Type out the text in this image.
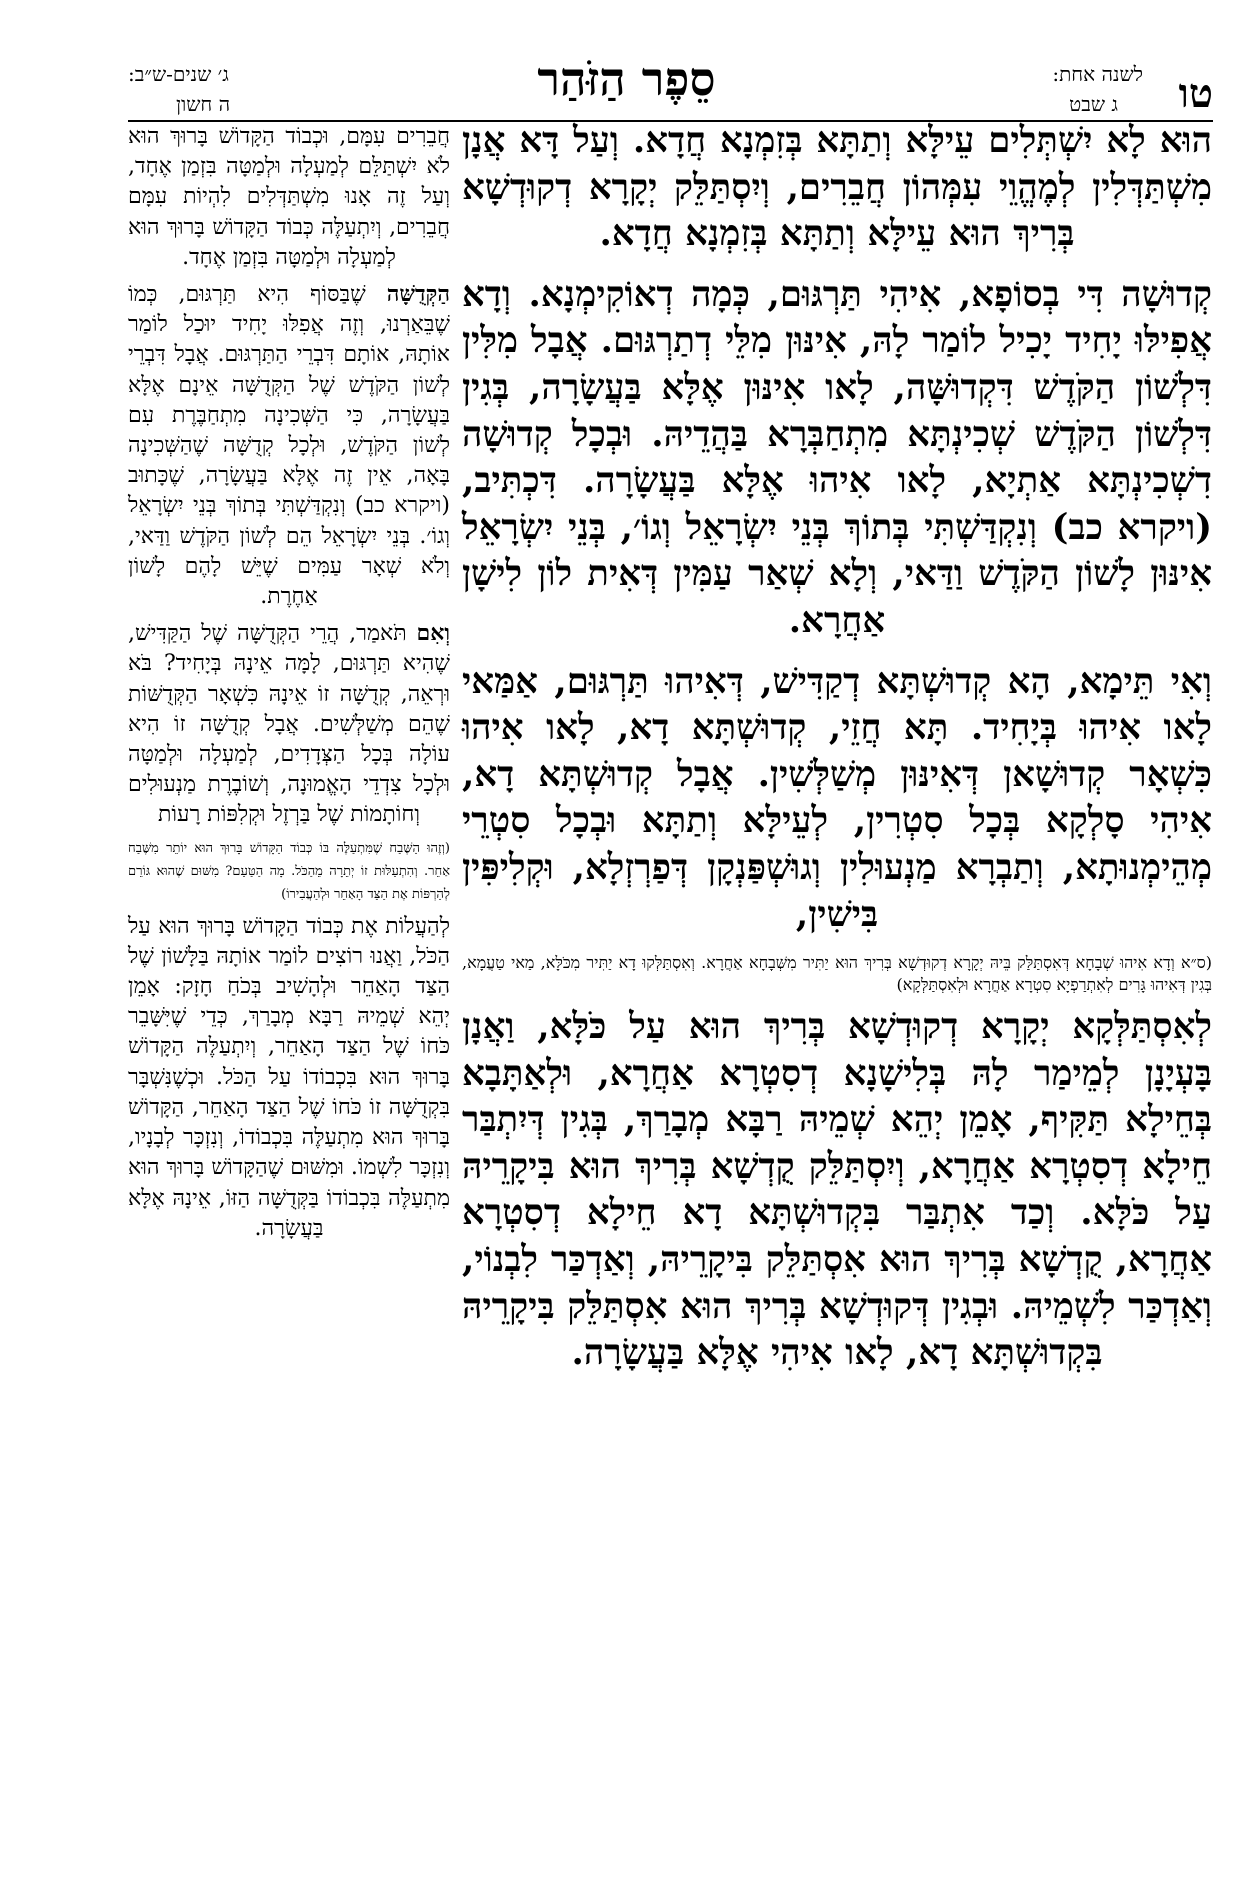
טו
לשנה אחת:
ג שבט
סֵפֶר הַזֹּהַר
ג׳ שנים-ש״ב:
ה חשון

הוּא לָא יִשְׁתְּלִים עֵילָּא וְתַתָּא בְּזִמְנָא חֲדָא. וְעַל דָּא אֲנָן מִשְׁתַּדְּלִין לְמֶהֱוֵי עִמְּהוֹן חֲבֵרִים, וְיִסְתַּלֵּק יְקָרָא דְקוּדְשָׁא בְּרִיךְ הוּא עֵילָּא וְתַתָּא בְּזִמְנָא חֲדָא.

קְדוּשָׁה דִּי בְסוֹפָא, אִיהִי תַּרְגּוּם, כְּמָה דְאוֹקִימְנָא. וְדָא אֲפִילּוּ יָחִיד יָכִיל לוֹמַר לָהּ, אִינּוּן מִלֵּי דְתַרְגּוּם. אֲבָל מִלִּין דִּלְשׁוֹן הַקֹּדֶשׁ דִּקְדוּשָּׁה, לָאו אִינּוּן אֶלָּא בַּעֲשָׂרָה, בְּגִין דִּלְשׁוֹן הַקֹּדֶשׁ שְׁכִינְתָּא מִתְחַבְּרָא בַּהֲדֵיהּ. וּבְכָל קְדוּשָׁה דִשְׁכִינְתָּא אַתְיָא, לָאו אִיהוּ אֶלָּא בַּעֲשָׂרָה. דִּכְתִּיב, (ויקרא כב) וְנִקְדַּשְׁתִּי בְּתוֹךְ בְּנֵי יִשְׂרָאֵל וְגוֹ׳, בְּנֵי יִשְׂרָאֵל אִינּוּן לָשׁוֹן הַקֹּדֶשׁ וַדַּאי, וְלָא שְׁאַר עַמִּין דְּאִית לוֹן לִישָׁן אַחֲרָא.

וְאִי תֵּימָא, הָא קְדוּשְׁתָּא דְקַדִּישׁ, דְּאִיהוּ תַּרְגּוּם, אַמַּאי לָאו אִיהוּ בְּיָחִיד. תָּא חֲזֵי, קְדוּשְׁתָּא דָא, לָאו אִיהוּ כִּשְׁאָר קְדוּשָׁאן דְּאִינּוּן מְשַׁלְּשִׁין. אֲבָל קְדוּשְׁתָּא דָא, אִיהִי סָלְקָא בְּכָל סִטְרִין, לְעֵילָּא וְתַתָּא וּבְכָל סִטְרֵי מְהֵימְנוּתָא, וְתַבְרָא מַנְעוּלִין וְגוּשְׁפַּנְקָן דְּפַרְזְלָא, וּקְלִיפִּין בִּישִׁין,

(ס״א וְדָא אִיהוּ שְׁבָחָא דְּאִסְתַּלַּק בֵּיהּ יְקָרָא דְקוּדְשָׁא בְּרִיךְ הוּא יַתִּיר מִשְּׁבָחָא אַחֲרָא. וְאִסְתַּלְּקוּ דָא יַתִּיר מִכֹּלָּא, מַאי טַעֲמָא, בְּגִין דְּאִיהוּ גָּרִים לְאִתְרַפְיָא סִטְרָא אַחֲרָא וּלְאִסְתַּלְּקָא)

לְאִסְתַּלְּקָא יְקָרָא דְקוּדְשָׁא בְּרִיךְ הוּא עַל כֹּלָּא, וַאֲנָן בָּעְיָנָן לְמֵימַר לָהּ בְּלִישָׁנָא דְסִטְרָא אַחֲרָא, וּלְאַתָּבָא בְּחֵילָא תַּקִּיף, אָמֵן יְהֵא שְׁמֵיהּ רַבָּא מְבָרַךְ, בְּגִין דְּיִתְבַּר חֵילָא דְסִטְרָא אַחֲרָא, וְיִסְתַּלֵּק קֻדְשָׁא בְּרִיךְ הוּא בִּיקָרֵיהּ עַל כֹּלָּא. וְכַד אִתְבַּר בִּקְדוּשְׁתָּא דָא חֵילָא דְסִטְרָא אַחֲרָא, קֻדְשָׁא בְּרִיךְ הוּא אִסְתַּלֵּק בִּיקָרֵיהּ, וְאַדְכַּר לִבְנוֹי, וְאַדְכַּר לִשְׁמֵיהּ. וּבְגִין דְּקוּדְשָׁא בְּרִיךְ הוּא אִסְתַּלֵּק בִּיקָרֵיהּ בִּקְדוּשְׁתָּא דָא, לָאו אִיהִי אֶלָּא בַּעֲשָׂרָה.

חֲבֵרִים עִמָּם, וּכְבוֹד הַקָּדוֹשׁ בָּרוּךְ הוּא לֹא יִשְׁתַּלֵּם לְמַעְלָה וּלְמַטָּה בִּזְמַן אֶחָד, וְעַל זֶה אָנוּ מִשְׁתַּדְּלִים לִהְיוֹת עִמָּם חֲבֵרִים, וְיִתְעַלֶּה כְּבוֹד הַקָּדוֹשׁ בָּרוּךְ הוּא לְמַעְלָה וּלְמַטָּה בִּזְמַן אֶחָד.

הַקְּדֻשָּׁה שֶׁבַּסּוֹף הִיא תַּרְגּוּם, כְּמוֹ שֶׁבֵּאַרְנוּ, וְזֶה אֲפִלּוּ יָחִיד יוּכַל לוֹמַר אוֹתָהּ, אוֹתָם דִּבְרֵי הַתַּרְגּוּם. אֲבָל דִּבְרֵי לְשׁוֹן הַקֹּדֶשׁ שֶׁל הַקְּדֻשָּׁה אֵינָם אֶלָּא בַּעֲשָׂרָה, כִּי הַשְּׁכִינָה מִתְחַבֶּרֶת עִם לְשׁוֹן הַקֹּדֶשׁ, וּלְכָל קְדֻשָּׁה שֶׁהַשְּׁכִינָה בָּאָה, אֵין זֶה אֶלָּא בַּעֲשָׂרָה, שֶׁכָּתוּב (ויקרא כב) וְנִקְדַּשְׁתִּי בְּתוֹךְ בְּנֵי יִשְׂרָאֵל וְגוֹ׳. בְּנֵי יִשְׂרָאֵל הֵם לְשׁוֹן הַקֹּדֶשׁ וַדַּאי, וְלֹא שְׁאָר עַמִּים שֶׁיֵּשׁ לָהֶם לָשׁוֹן אַחֶרֶת.

וְאִם תֹּאמַר, הֲרֵי הַקְּדֻשָּׁה שֶׁל הַקַּדִּישׁ, שֶׁהִיא תַּרְגּוּם, לָמָּה אֵינָהּ בְּיָחִיד? בֹּא וּרְאֵה, קְדֻשָּׁה זוֹ אֵינָהּ כִּשְׁאָר הַקְּדֻשּׁוֹת שֶׁהֵם מְשַׁלְּשִׁים. אֲבָל קְדֻשָּׁה זוֹ הִיא עוֹלָה בְּכָל הַצְּדָדִים, לְמַעְלָה וּלְמַטָּה וּלְכָל צִדְדֵי הָאֱמוּנָה, וְשׁוֹבֶרֶת מַנְעוּלִים וְחוֹתָמוֹת שֶׁל בַּרְזֶל וּקְלִפּוֹת רָעוֹת

(וְזֶהוּ הַשֶּׁבַח שֶׁמִּתְעַלֶּה בּוֹ כְּבוֹד הַקָּדוֹשׁ בָּרוּךְ הוּא יוֹתֵר מִשֶּׁבַח אַחֵר. וְהִתְעַלּוּת זוֹ יְתֵרָה מֵהַכֹּל. מָה הַטַּעַם? מִשּׁוּם שֶׁהוּא גּוֹרֵם לְהַרְפּוֹת אֶת הַצַּד הָאַחֵר וּלְהַעֲבִירוֹ)

לְהַעֲלוֹת אֶת כְּבוֹד הַקָּדוֹשׁ בָּרוּךְ הוּא עַל הַכֹּל, וַאֲנוּ רוֹצִים לוֹמַר אוֹתָהּ בַּלָּשׁוֹן שֶׁל הַצַּד הָאַחֵר וּלְהָשִׁיב בְּכֹחַ חָזָק: אָמֵן יְהֵא שְׁמֵיהּ רַבָּא מְבָרַךְ, כְּדֵי שֶׁיִּשָּׁבֵר כֹּחוֹ שֶׁל הַצַּד הָאַחֵר, וְיִתְעַלֶּה הַקָּדוֹשׁ בָּרוּךְ הוּא בִּכְבוֹדוֹ עַל הַכֹּל. וּכְשֶׁנִּשְׁבָּר בִּקְדֻשָּׁה זוֹ כֹּחוֹ שֶׁל הַצַּד הָאַחֵר, הַקָּדוֹשׁ בָּרוּךְ הוּא מִתְעַלֶּה בִּכְבוֹדוֹ, וְנִזְכָּר לְבָנָיו, וְנִזְכָּר לִשְׁמוֹ. וּמִשּׁוּם שֶׁהַקָּדוֹשׁ בָּרוּךְ הוּא מִתְעַלֶּה בִּכְבוֹדוֹ בַּקְּדֻשָּׁה הַזּוֹ, אֵינָהּ אֶלָּא בַּעֲשָׂרָה.
